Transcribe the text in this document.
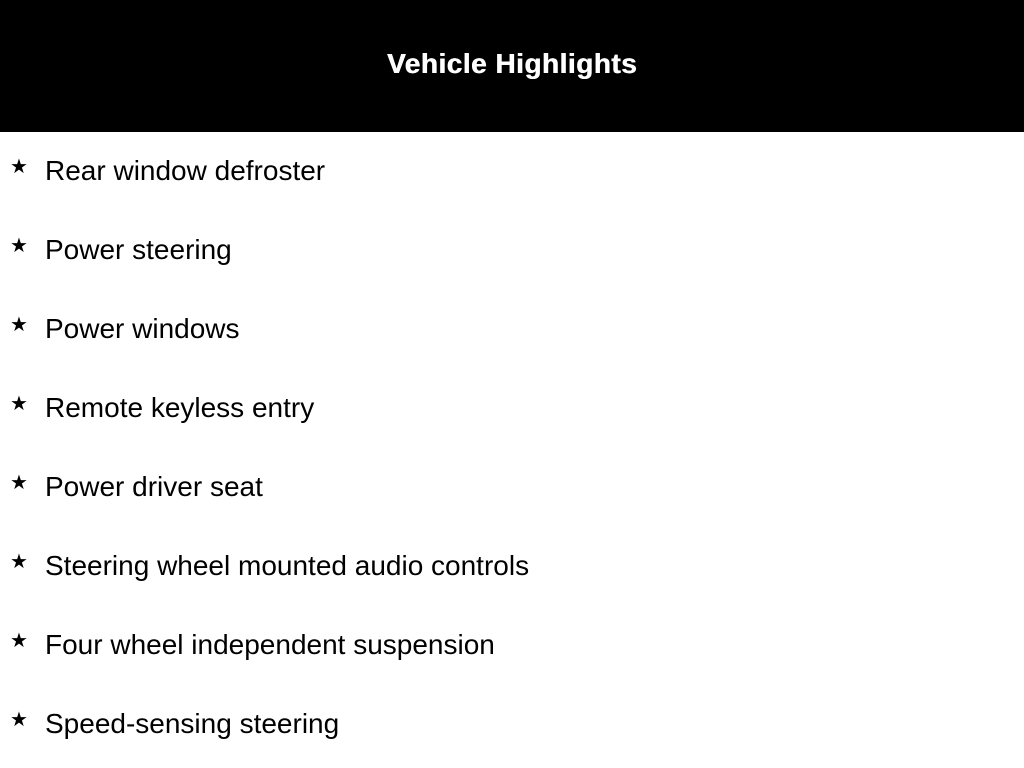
Vehicle Highlights
★ Rear window defroster
★ Power steering
★ Power windows
★ Remote keyless entry
★ Power driver seat
★ Steering wheel mounted audio controls
★ Four wheel independent suspension
★ Speed-sensing steering
